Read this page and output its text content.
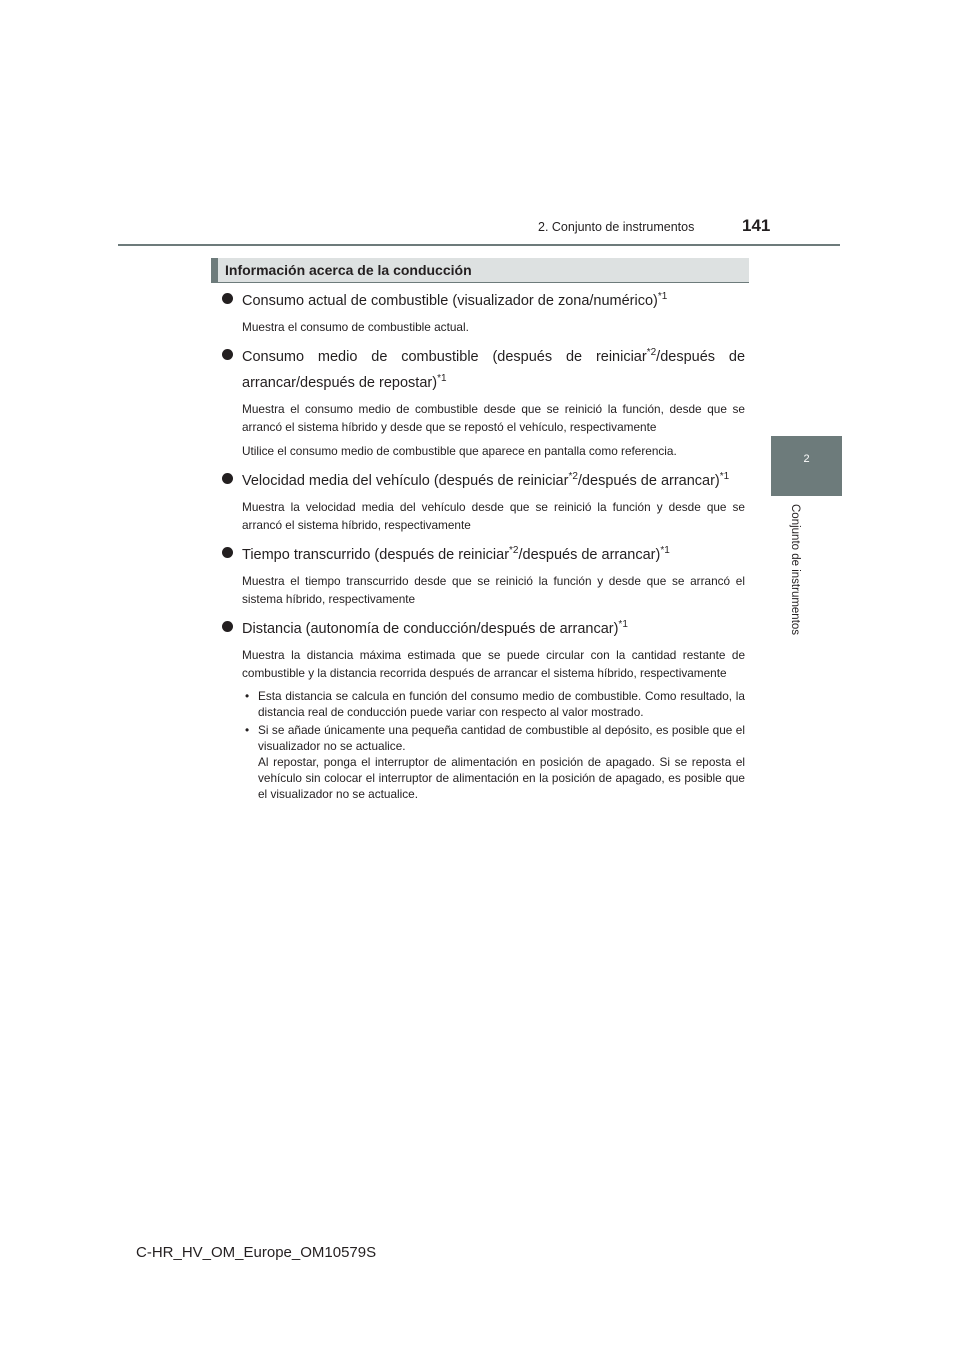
2. Conjunto de instrumentos	141
2
Conjunto de instrumentos
Información acerca de la conducción

Consumo actual de combustible (visualizador de zona/numérico)$^{*1}$

Muestra el consumo de combustible actual.

Consumo medio de combustible (después de reiniciar$^{*2}$/después de arrancar/después de repostar)$^{*1}$

Muestra el consumo medio de combustible desde que se reinició la función, desde que se arrancó el sistema híbrido y desde que se repostó el vehículo, respectivamente

Utilice el consumo medio de combustible que aparece en pantalla como referencia.

Velocidad media del vehículo (después de reiniciar$^{*2}$/después de arrancar)$^{*1}$

Muestra la velocidad media del vehículo desde que se reinició la función y desde que se arrancó el sistema híbrido, respectivamente

Tiempo transcurrido (después de reiniciar$^{*2}$/después de arrancar)$^{*1}$

Muestra el tiempo transcurrido desde que se reinició la función y desde que se arrancó el sistema híbrido, respectivamente

Distancia (autonomía de conducción/después de arrancar)$^{*1}$

Muestra la distancia máxima estimada que se puede circular con la cantidad restante de combustible y la distancia recorrida después de arrancar el sistema híbrido, respectivamente

• Esta distancia se calcula en función del consumo medio de combustible. Como resultado, la distancia real de conducción puede variar con respecto al valor mostrado.
• Si se añade únicamente una pequeña cantidad de combustible al depósito, es posible que el visualizador no se actualice.
Al repostar, ponga el interruptor de alimentación en posición de apagado. Si se reposta el vehículo sin colocar el interruptor de alimentación en la posición de apagado, es posible que el visualizador no se actualice.
C-HR_HV_OM_Europe_OM10579S
